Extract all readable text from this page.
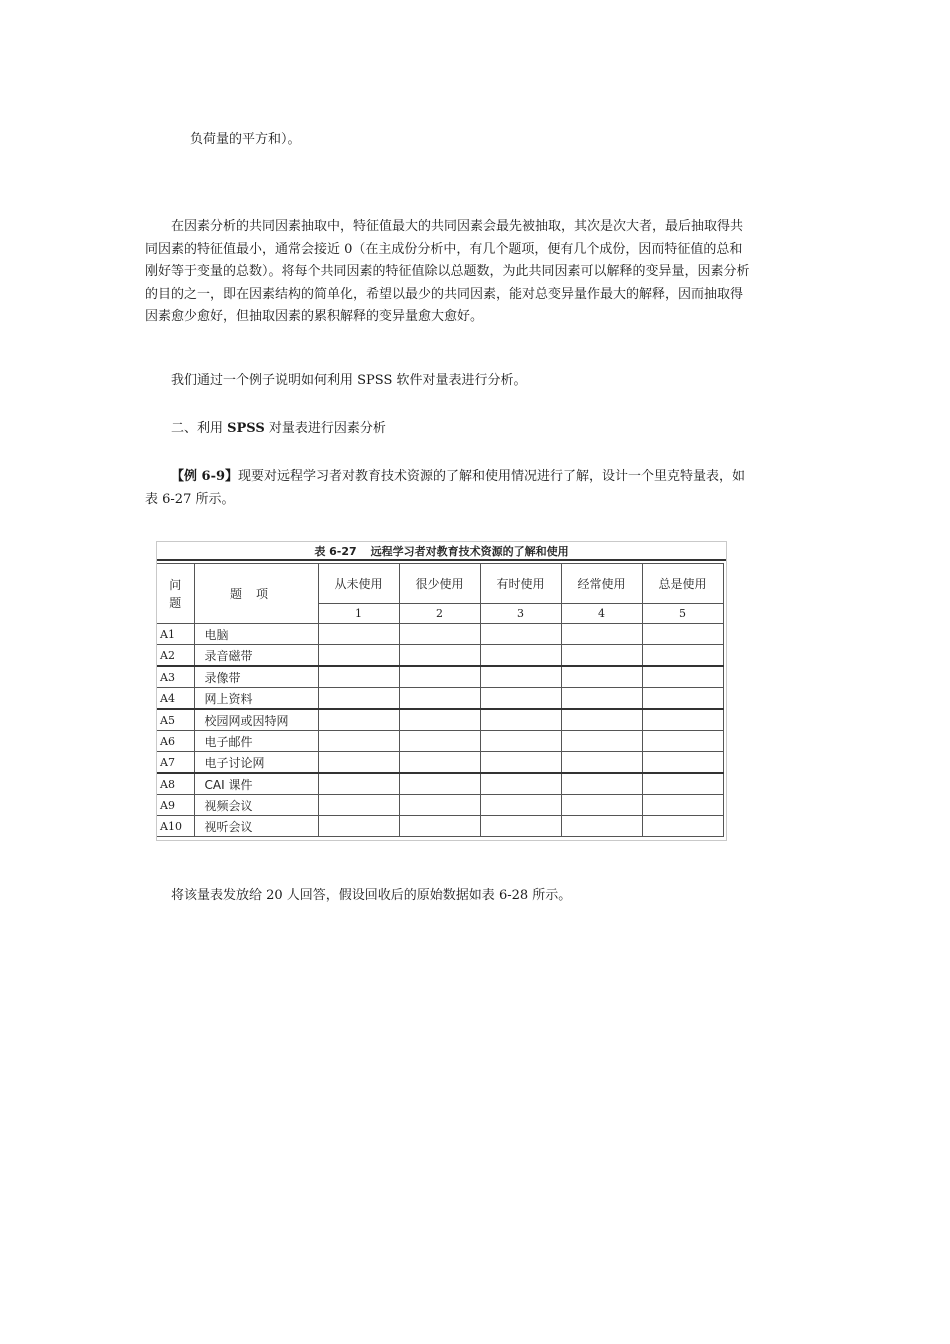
负荷量的平方和）。

在因素分析的共同因素抽取中，特征值最大的共同因素会最先被抽取，其次是次大者，最后抽取得共同因素的特征值最小，通常会接近 0（在主成份分析中，有几个题项，便有几个成份，因而特征值的总和刚好等于变量的总数）。将每个共同因素的特征值除以总题数，为此共同因素可以解释的变异量，因素分析的目的之一，即在因素结构的简单化，希望以最少的共同因素，能对总变异量作最大的解释，因而抽取得因素愈少愈好，但抽取因素的累积解释的变异量愈大愈好。

我们通过一个例子说明如何利用 SPSS 软件对量表进行分析。

二、利用 SPSS 对量表进行因素分析

【例 6-9】现要对远程学习者对教育技术资源的了解和使用情况进行了解，设计一个里克特量表，如表 6-27 所示。

表 6-27 远程学习者对教育技术资源的了解和使用
问题	题项	从未使用	很少使用	有时使用	经常使用	总是使用
		1	2	3	4	5
A1	电脑					
A2	录音磁带					
A3	录像带					
A4	网上资料					
A5	校园网或因特网					
A6	电子邮件					
A7	电子讨论网					
A8	CAI 课件					
A9	视频会议					
A10	视听会议					

将该量表发放给 20 人回答，假设回收后的原始数据如表 6-28 所示。
